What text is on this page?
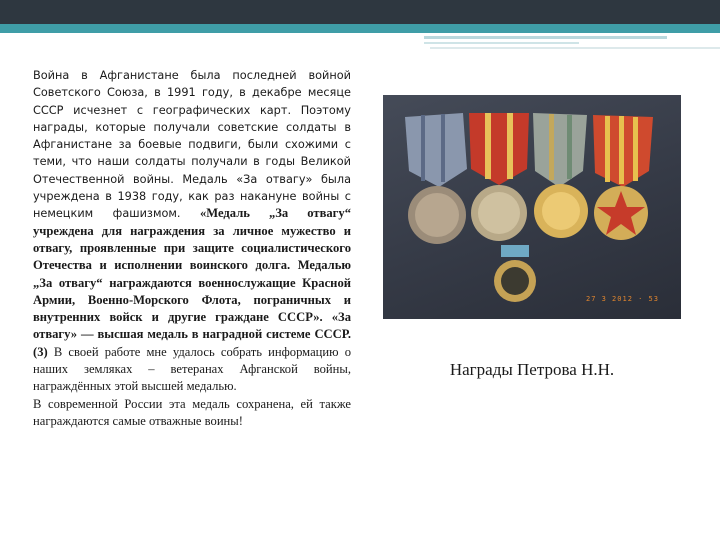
Война в Афганистане была последней войной Советского Союза, в 1991 году, в декабре месяце СССР исчезнет с географических карт. Поэтому награды, которые получали советские солдаты в Афганистане за боевые подвиги, были схожими с теми, что наши солдаты получали в годы Великой Отечественной войны. Медаль «За отвагу» была учреждена в 1938 году, как раз накануне войны с немецким фашизмом. «Медаль „За отвагу“ учреждена для награждения за личное мужество и отвагу, проявленные при защите социалистического Отечества и исполнении воинского долга. Медалью „За отвагу“ награждаются военнослужащие Красной Армии, Военно-Морского Флота, пограничных и внутренних войск и другие граждане СССР». «За отвагу» — высшая медаль в наградной системе СССР.(3) В своей работе мне удалось собрать информацию о наших земляках – ветеранах Афганской войны, награждённых этой высшей медалью.
В современной России эта медаль сохранена, ей также награждаются самые отважные воины!

27 3 2012 · 53
Награды Петрова Н.Н.
